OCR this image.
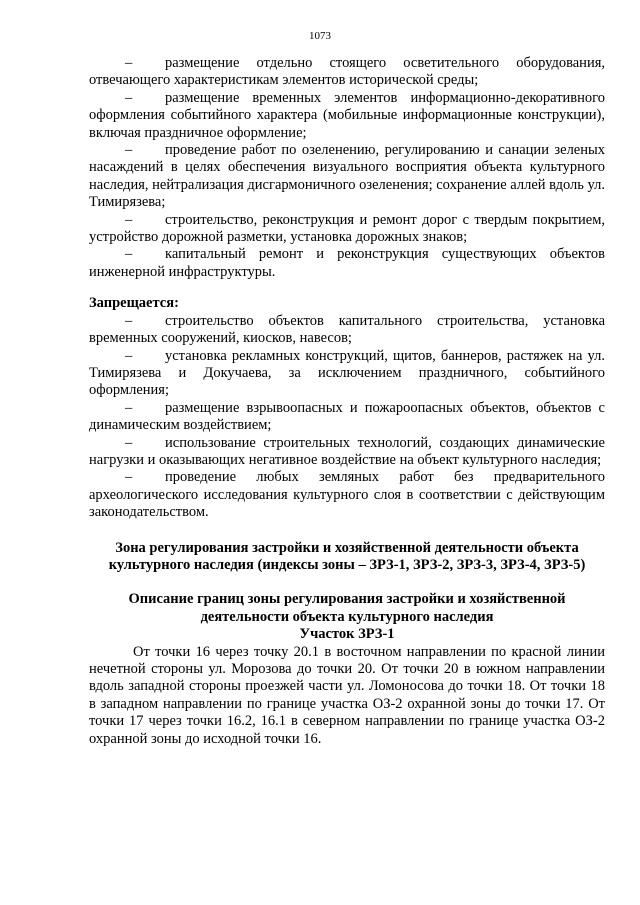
1073

– размещение отдельно стоящего осветительного оборудования, отвечающего характеристикам элементов исторической среды;

– размещение временных элементов информационно-декоративного оформления событийного характера (мобильные информационные конструкции), включая праздничное оформление;

– проведение работ по озеленению, регулированию и санации зеленых насаждений в целях обеспечения визуального восприятия объекта культурного наследия, нейтрализация дисгармоничного озеленения; сохранение аллей вдоль ул. Тимирязева;

– строительство, реконструкция и ремонт дорог с твердым покрытием, устройство дорожной разметки, установка дорожных знаков;

– капитальный ремонт и реконструкция существующих объектов инженерной инфраструктуры.

Запрещается:

– строительство объектов капитального строительства, установка временных сооружений, киосков, навесов;

– установка рекламных конструкций, щитов, баннеров, растяжек на ул. Тимирязева и Докучаева, за исключением праздничного, событийного оформления;

– размещение взрывоопасных и пожароопасных объектов, объектов с динамическим воздействием;

– использование строительных технологий, создающих динамические нагрузки и оказывающих негативное воздействие на объект культурного наследия;

– проведение любых земляных работ без предварительного археологического исследования культурного слоя в соответствии с действующим законодательством.

Зона регулирования застройки и хозяйственной деятельности объекта культурного наследия (индексы зоны – ЗРЗ-1, ЗРЗ-2, ЗРЗ-3, ЗРЗ-4, ЗРЗ-5)

Описание границ зоны регулирования застройки и хозяйственной деятельности объекта культурного наследия

Участок ЗРЗ-1

От точки 16 через точку 20.1 в восточном направлении по красной линии нечетной стороны ул. Морозова до точки 20. От точки 20 в южном направлении вдоль западной стороны проезжей части ул. Ломоносова до точки 18. От точки 18 в западном направлении по границе участка ОЗ-2 охранной зоны до точки 17. От точки 17 через точки 16.2, 16.1 в северном направлении по границе участка ОЗ-2 охранной зоны до исходной точки 16.
